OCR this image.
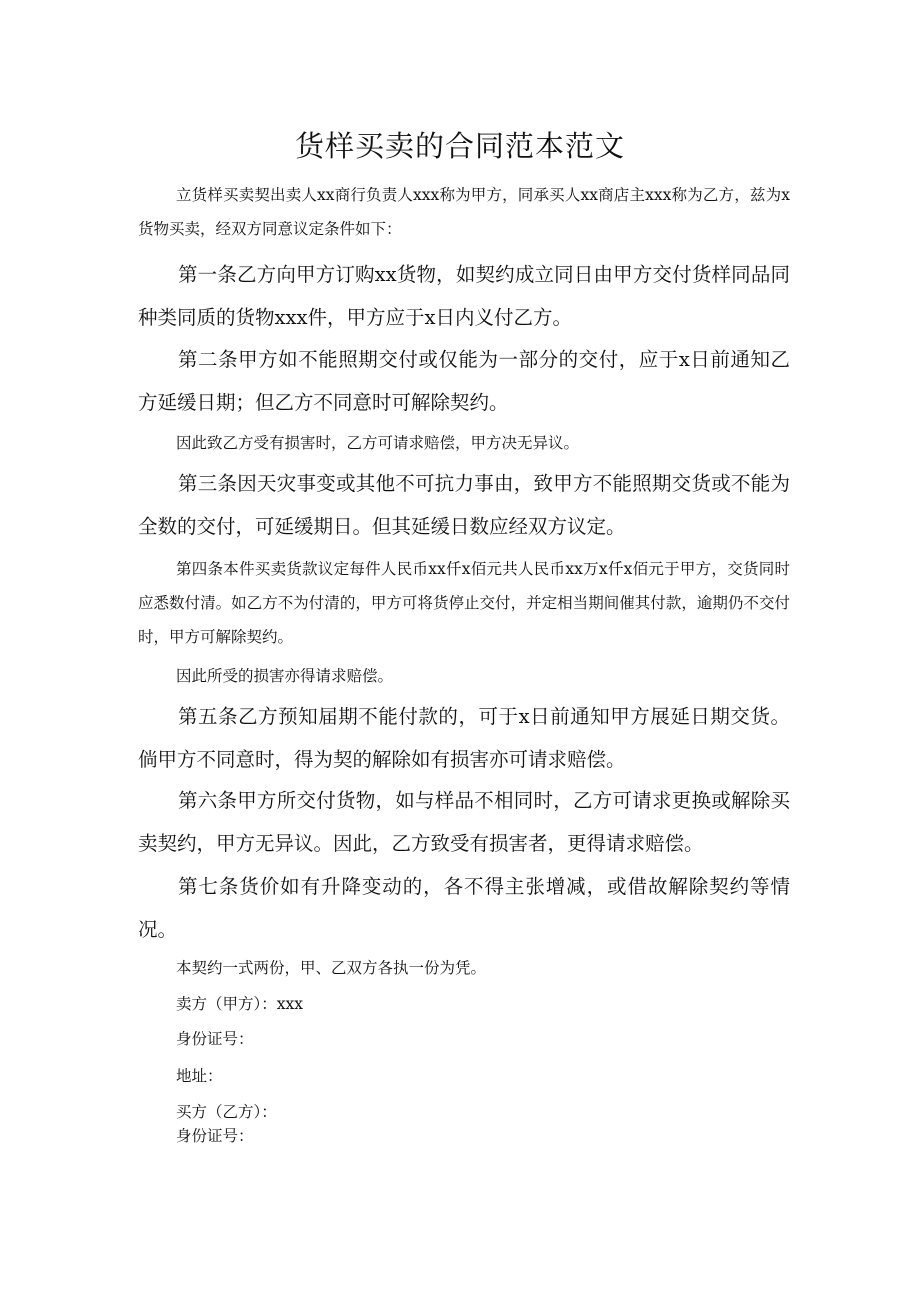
货样买卖的合同范本范文

立货样买卖契出卖人xx商行负责人xxx称为甲方，同承买人xx商店主xxx称为乙方，兹为x货物买卖，经双方同意议定条件如下：

第一条乙方向甲方订购xx货物，如契约成立同日由甲方交付货样同品同种类同质的货物xxx件，甲方应于x日内义付乙方。

第二条甲方如不能照期交付或仅能为一部分的交付，应于x日前通知乙方延缓日期；但乙方不同意时可解除契约。

因此致乙方受有损害时，乙方可请求赔偿，甲方决无异议。

第三条因天灾事变或其他不可抗力事由，致甲方不能照期交货或不能为全数的交付，可延缓期日。但其延缓日数应经双方议定。

第四条本件买卖货款议定每件人民币xx仟x佰元共人民币xx万x仟x佰元于甲方，交货同时应悉数付清。如乙方不为付清的，甲方可将货停止交付，并定相当期间催其付款，逾期仍不交付时，甲方可解除契约。

因此所受的损害亦得请求赔偿。

第五条乙方预知届期不能付款的，可于x日前通知甲方展延日期交货。倘甲方不同意时，得为契的解除如有损害亦可请求赔偿。

第六条甲方所交付货物，如与样品不相同时，乙方可请求更换或解除买卖契约，甲方无异议。因此，乙方致受有损害者，更得请求赔偿。

第七条货价如有升降变动的，各不得主张增减，或借故解除契约等情况。

本契约一式两份，甲、乙双方各执一份为凭。

卖方（甲方）：xxx

身份证号：

地址：

买方（乙方）：

身份证号：
